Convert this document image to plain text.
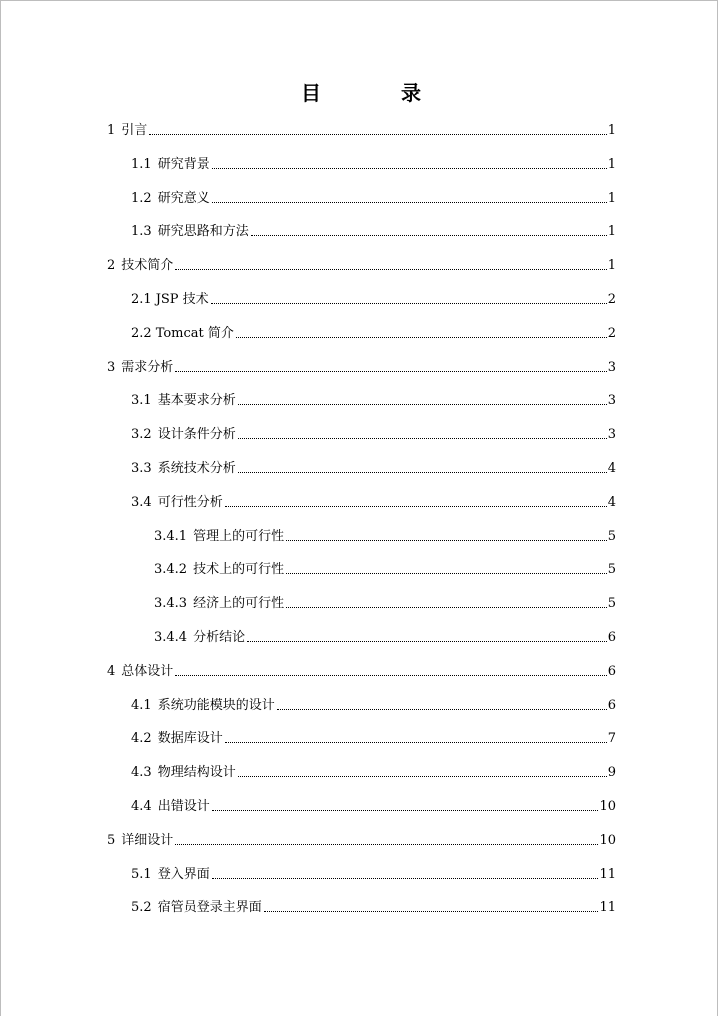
目　录
1 引言	1
1.1 研究背景	1
1.2 研究意义	1
1.3 研究思路和方法	1
2 技术简介	1
2.1 JSP 技术	2
2.2 Tomcat 简介	2
3 需求分析	3
3.1 基本要求分析	3
3.2 设计条件分析	3
3.3 系统技术分析	4
3.4 可行性分析	4
3.4.1 管理上的可行性	5
3.4.2 技术上的可行性	5
3.4.3 经济上的可行性	5
3.4.4 分析结论	6
4 总体设计	6
4.1 系统功能模块的设计	6
4.2 数据库设计	7
4.3 物理结构设计	9
4.4 出错设计	10
5 详细设计	10
5.1 登入界面	11
5.2 宿管员登录主界面	11
